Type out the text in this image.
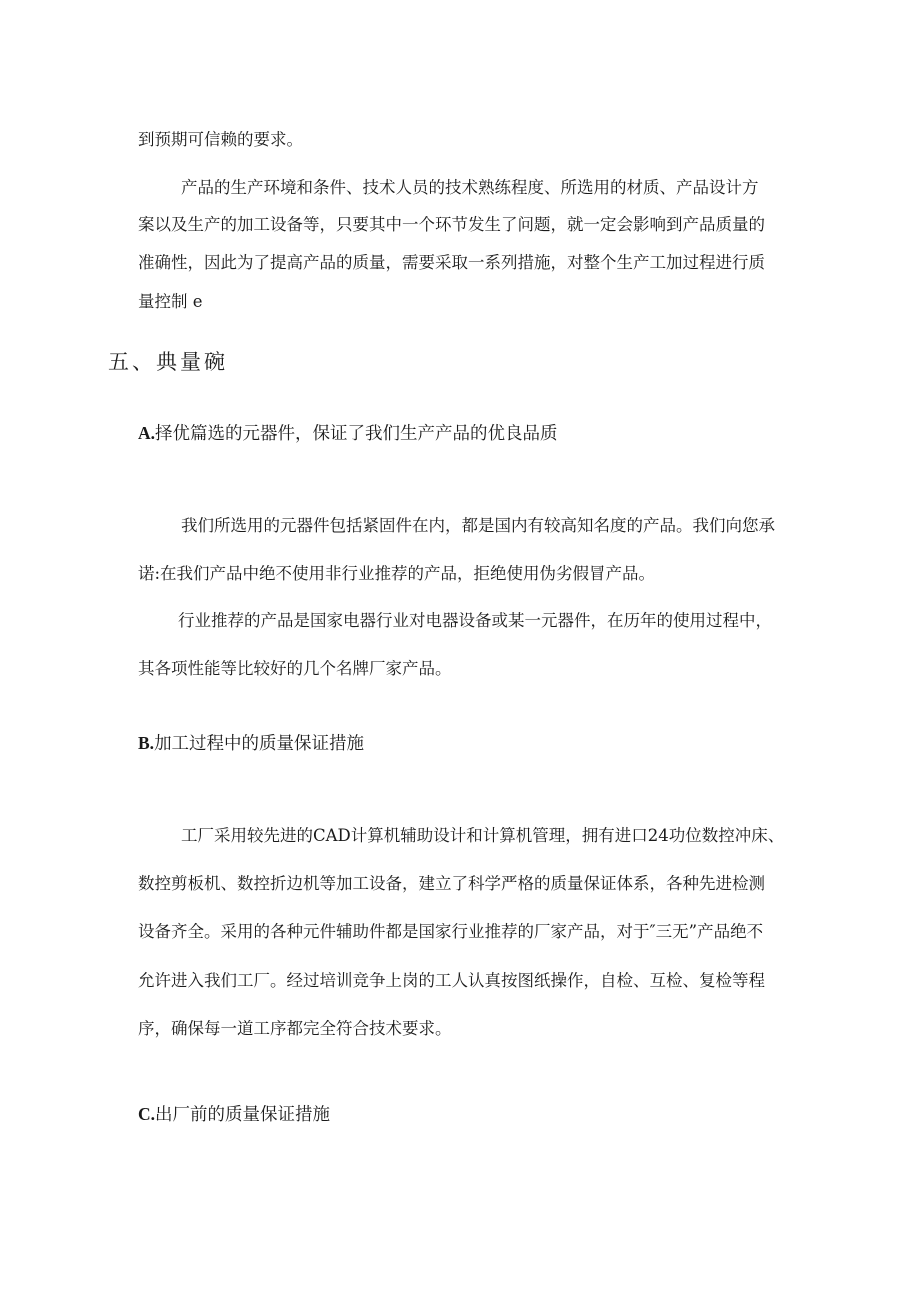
到预期可信赖的要求。

产品的生产环境和条件、技术人员的技术熟练程度、所选用的材质、产品设计方

案以及生产的加工设备等，只要其中一个环节发生了问题，就一定会影响到产品质量的

准确性，因此为了提高产品的质量，需要采取一系列措施，对整个生产工加过程进行质

量控制 e

五、典量碗
A.择优篇选的元器件，保证了我们生产产品的优良品质

我们所选用的元器件包括紧固件在内，都是国内有较高知名度的产品。我们向您承

诺:在我们产品中绝不使用非行业推荐的产品，拒绝使用伪劣假冒产品。

行业推荐的产品是国家电器行业对电器设备或某一元器件，在历年的使用过程中，

其各项性能等比较好的几个名牌厂家产品。

B.加工过程中的质量保证措施

工厂采用较先进的CAD计算机辅助设计和计算机管理，拥有进口24功位数控冲床、

数控剪板机、数控折边机等加工设备，建立了科学严格的质量保证体系，各种先进检测

设备齐全。采用的各种元件辅助件都是国家行业推荐的厂家产品，对于″三无”产品绝不

允许进入我们工厂。经过培训竞争上岗的工人认真按图纸操作，自检、互检、复检等程

序，确保每一道工序都完全符合技术要求。

C.出厂前的质量保证措施
